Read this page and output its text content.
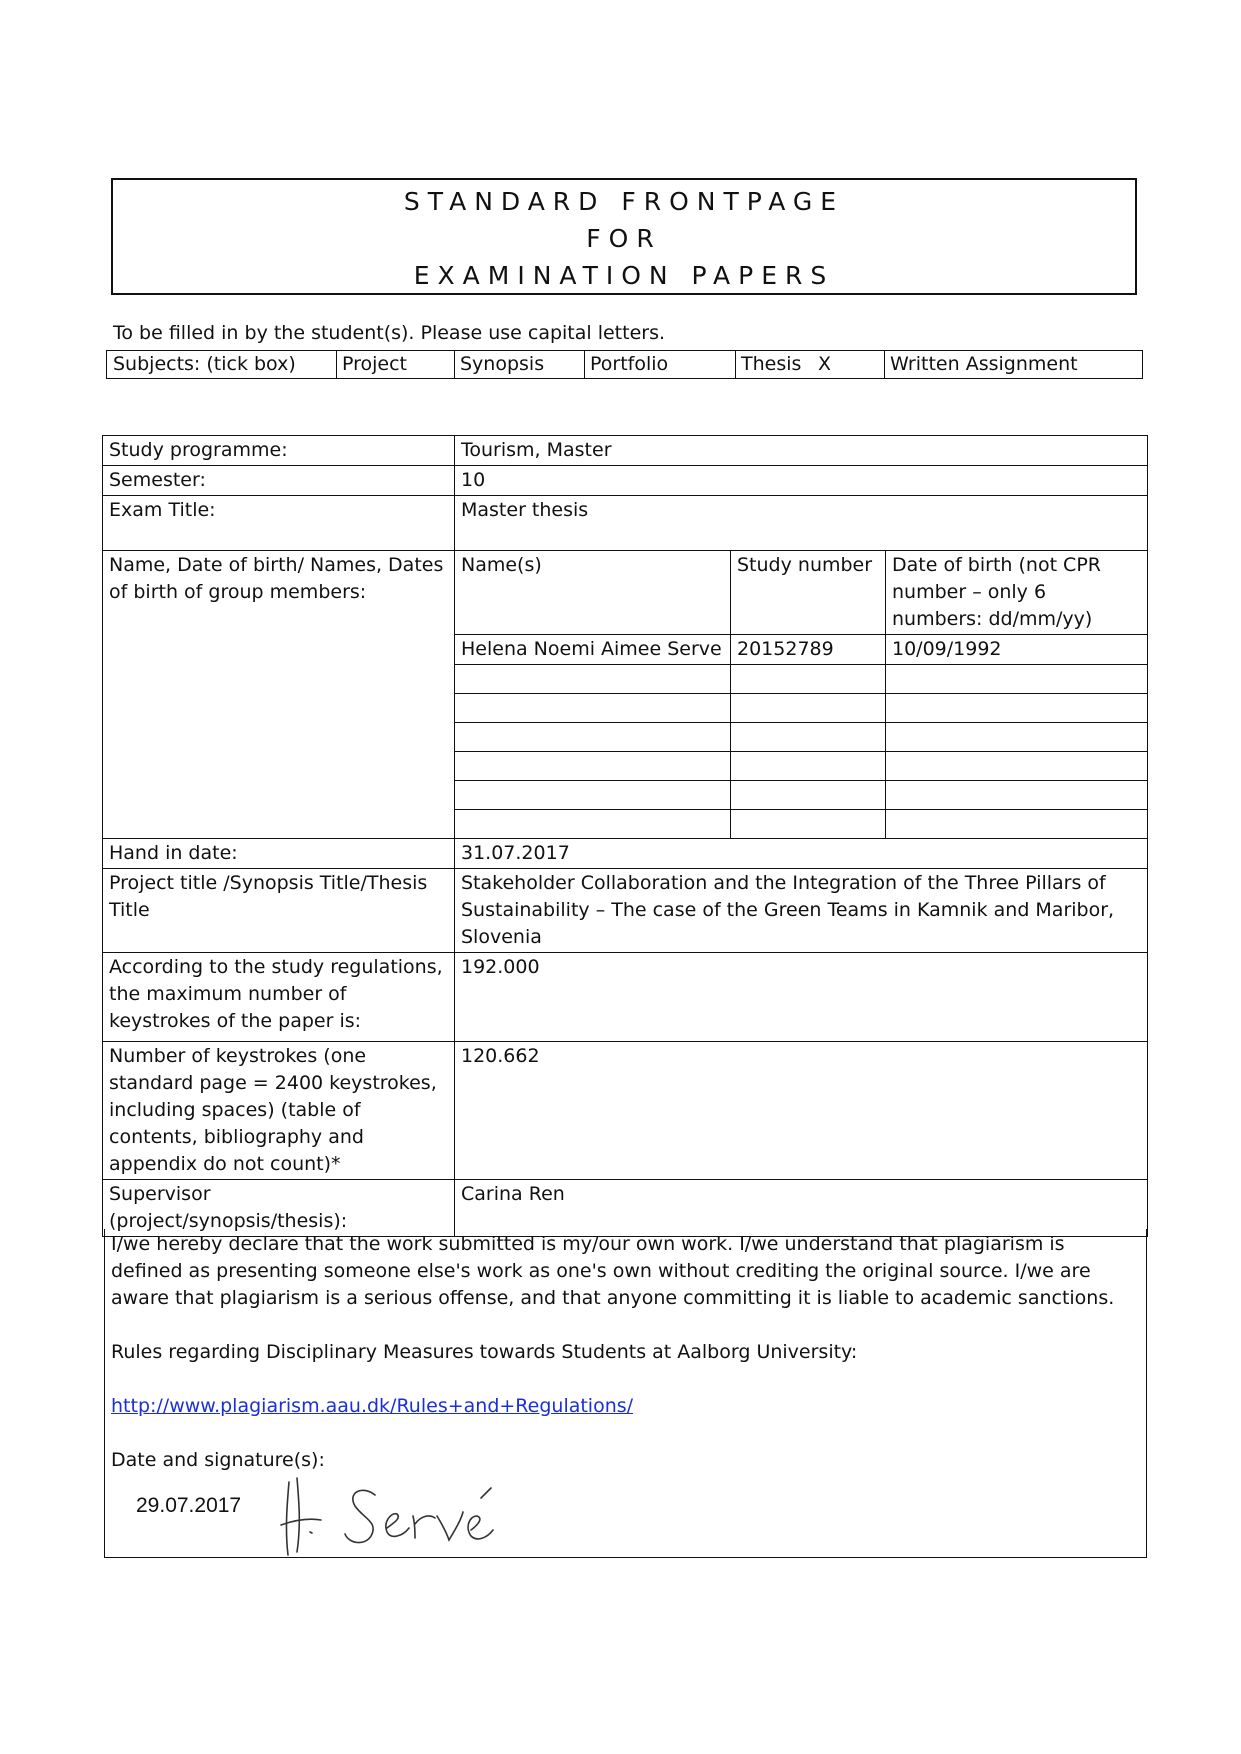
STANDARD FRONTPAGE
FOR
EXAMINATION PAPERS
To be filled in by the student(s). Please use capital letters.
Subjects: (tick box)	Project	Synopsis	Portfolio	Thesis X	Written Assignment
Study programme:	Tourism, Master
Semester:	10
Exam Title:	Master thesis
Name, Date of birth/ Names, Dates of birth of group members:	
Name(s)	Study number	Date of birth (not CPR number – only 6 numbers: dd/mm/yy)
Helena Noemi Aimee Serve	20152789	10/09/1992

Hand in date:	31.07.2017
Project title /Synopsis Title/Thesis Title	Stakeholder Collaboration and the Integration of the Three Pillars of Sustainability – The case of the Green Teams in Kamnik and Maribor, Slovenia
According to the study regulations, the maximum number of keystrokes of the paper is:	192.000
Number of keystrokes (one standard page = 2400 keystrokes, including spaces) (table of contents, bibliography and appendix do not count)*	120.662
Supervisor (project/synopsis/thesis):	Carina Ren

I/we hereby declare that the work submitted is my/our own work. I/we understand that plagiarism is defined as presenting someone else's work as one's own without crediting the original source. I/we are aware that plagiarism is a serious offense, and that anyone committing it is liable to academic sanctions.

Rules regarding Disciplinary Measures towards Students at Aalborg University:

http://www.plagiarism.aau.dk/Rules+and+Regulations/

Date and signature(s):

29.07.2017
